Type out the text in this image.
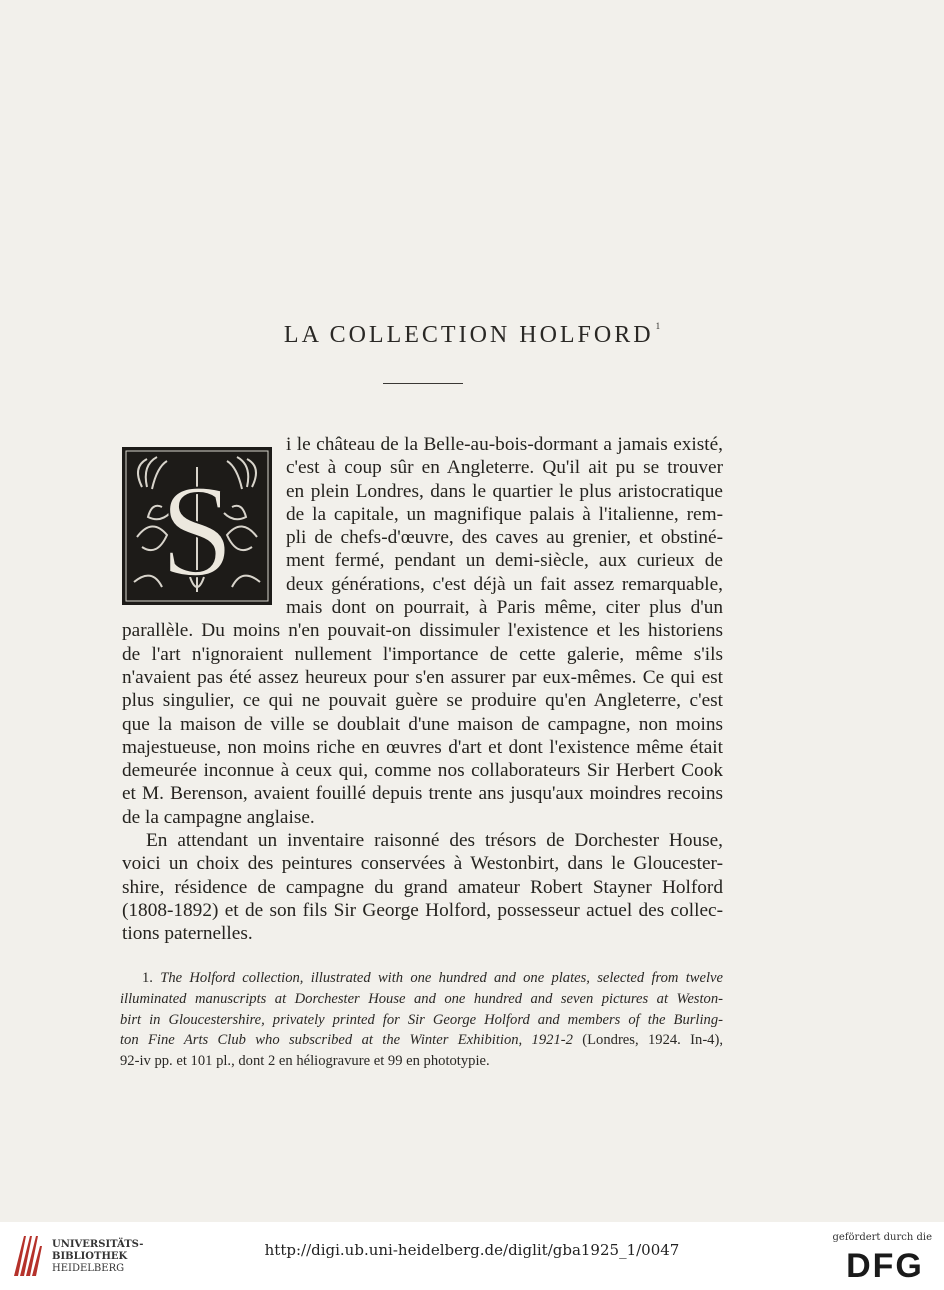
LA COLLECTION HOLFORD $^1$
S
i le château de la Belle-au-bois-dormant a jamais existé,
c'est à coup sûr en Angleterre. Qu'il ait pu se trouver
en plein Londres, dans le quartier le plus aristocratique
de la capitale, un magnifique palais à l'italienne, rem-
pli de chefs-d'œuvre, des caves au grenier, et obstiné-
ment fermé, pendant un demi-siècle, aux curieux de
deux générations, c'est déjà un fait assez remarquable,
mais dont on pourrait, à Paris même, citer plus d'un
parallèle. Du moins n'en pouvait-on dissimuler l'existence et les historiens
de l'art n'ignoraient nullement l'importance de cette galerie, même s'ils
n'avaient pas été assez heureux pour s'en assurer par eux-mêmes. Ce qui est
plus singulier, ce qui ne pouvait guère se produire qu'en Angleterre, c'est
que la maison de ville se doublait d'une maison de campagne, non moins
majestueuse, non moins riche en œuvres d'art et dont l'existence même était
demeurée inconnue à ceux qui, comme nos collaborateurs Sir Herbert Cook
et M. Berenson, avaient fouillé depuis trente ans jusqu'aux moindres recoins
de la campagne anglaise.
En attendant un inventaire raisonné des trésors de Dorchester House,
voici un choix des peintures conservées à Westonbirt, dans le Gloucester-
shire, résidence de campagne du grand amateur Robert Stayner Holford
(1808-1892) et de son fils Sir George Holford, possesseur actuel des collec-
tions paternelles.
1. The Holford collection, illustrated with one hundred and one plates, selected from twelve
illuminated manuscripts at Dorchester House and one hundred and seven pictures at Weston-
birt in Gloucestershire, privately printed for Sir George Holford and members of the Burling-
ton Fine Arts Club who subscribed at the Winter Exhibition, 1921-2 (Londres, 1924. In-4),
92-iv pp. et 101 pl., dont 2 en héliogravure et 99 en phototypie.
UNIVERSITÄTS-
BIBLIOTHEK
HEIDELBERG
http://digi.ub.uni-heidelberg.de/diglit/gba1925_1/0047
gefördert durch die
DFG
